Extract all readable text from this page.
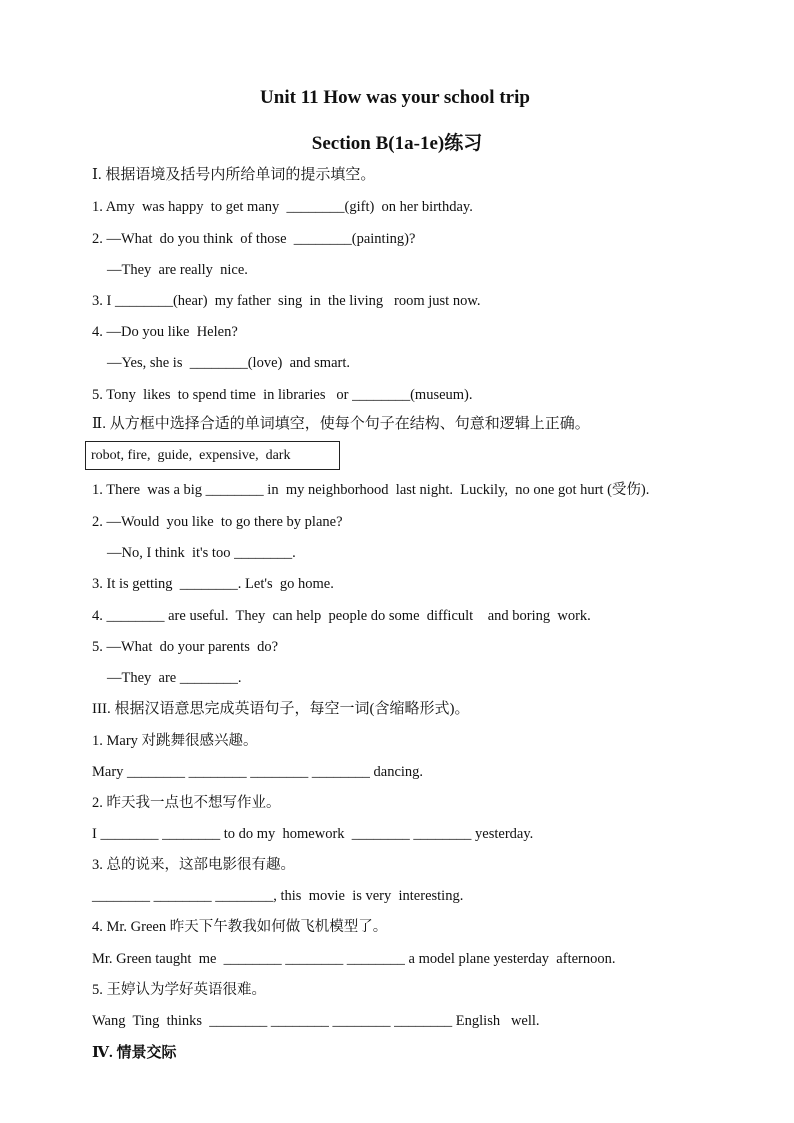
Unit 11 How was your school trip
Section B(1a-1e)练习
Ⅰ. 根据语境及括号内所给单词的提示填空。
1. Amy  was happy  to get many  ________(gift)  on her birthday.
2. —What  do you think  of those  ________(painting)?
—They  are really  nice.
3. I ________(hear)  my father  sing  in  the living   room just now.
4. —Do you like  Helen?
—Yes, she is  ________(love)  and smart.
5. Tony  likes  to spend time  in libraries   or ________(museum).
Ⅱ. 从方框中选择合适的单词填空，使每个句子在结构、句意和逻辑上正确。
robot, fire,  guide,  expensive,  dark
1. There  was a big ________ in  my neighborhood  last night.  Luckily,  no one got hurt (受伤).
2. —Would  you like  to go there by plane?
—No, I think  it's too ________.
3. It is getting  ________. Let's  go home.
4. ________ are useful.  They  can help  people do some  difficult    and boring  work.
5. —What  do your parents  do?
—They  are ________.
III. 根据汉语意思完成英语句子，每空一词(含缩略形式)。
1. Mary 对跳舞很感兴趣。
Mary ________ ________ ________ ________ dancing.
2. 昨天我一点也不想写作业。
I ________ ________ to do my  homework  ________ ________ yesterday.
3. 总的说来，这部电影很有趣。
________ ________ ________, this  movie  is very  interesting.
4. Mr. Green 昨天下午教我如何做飞机模型了。
Mr. Green taught  me  ________ ________ ________ a model plane yesterday  afternoon.
5. 王婷认为学好英语很难。
Wang  Ting  thinks  ________ ________ ________ ________ English   well.
Ⅳ. 情景交际
